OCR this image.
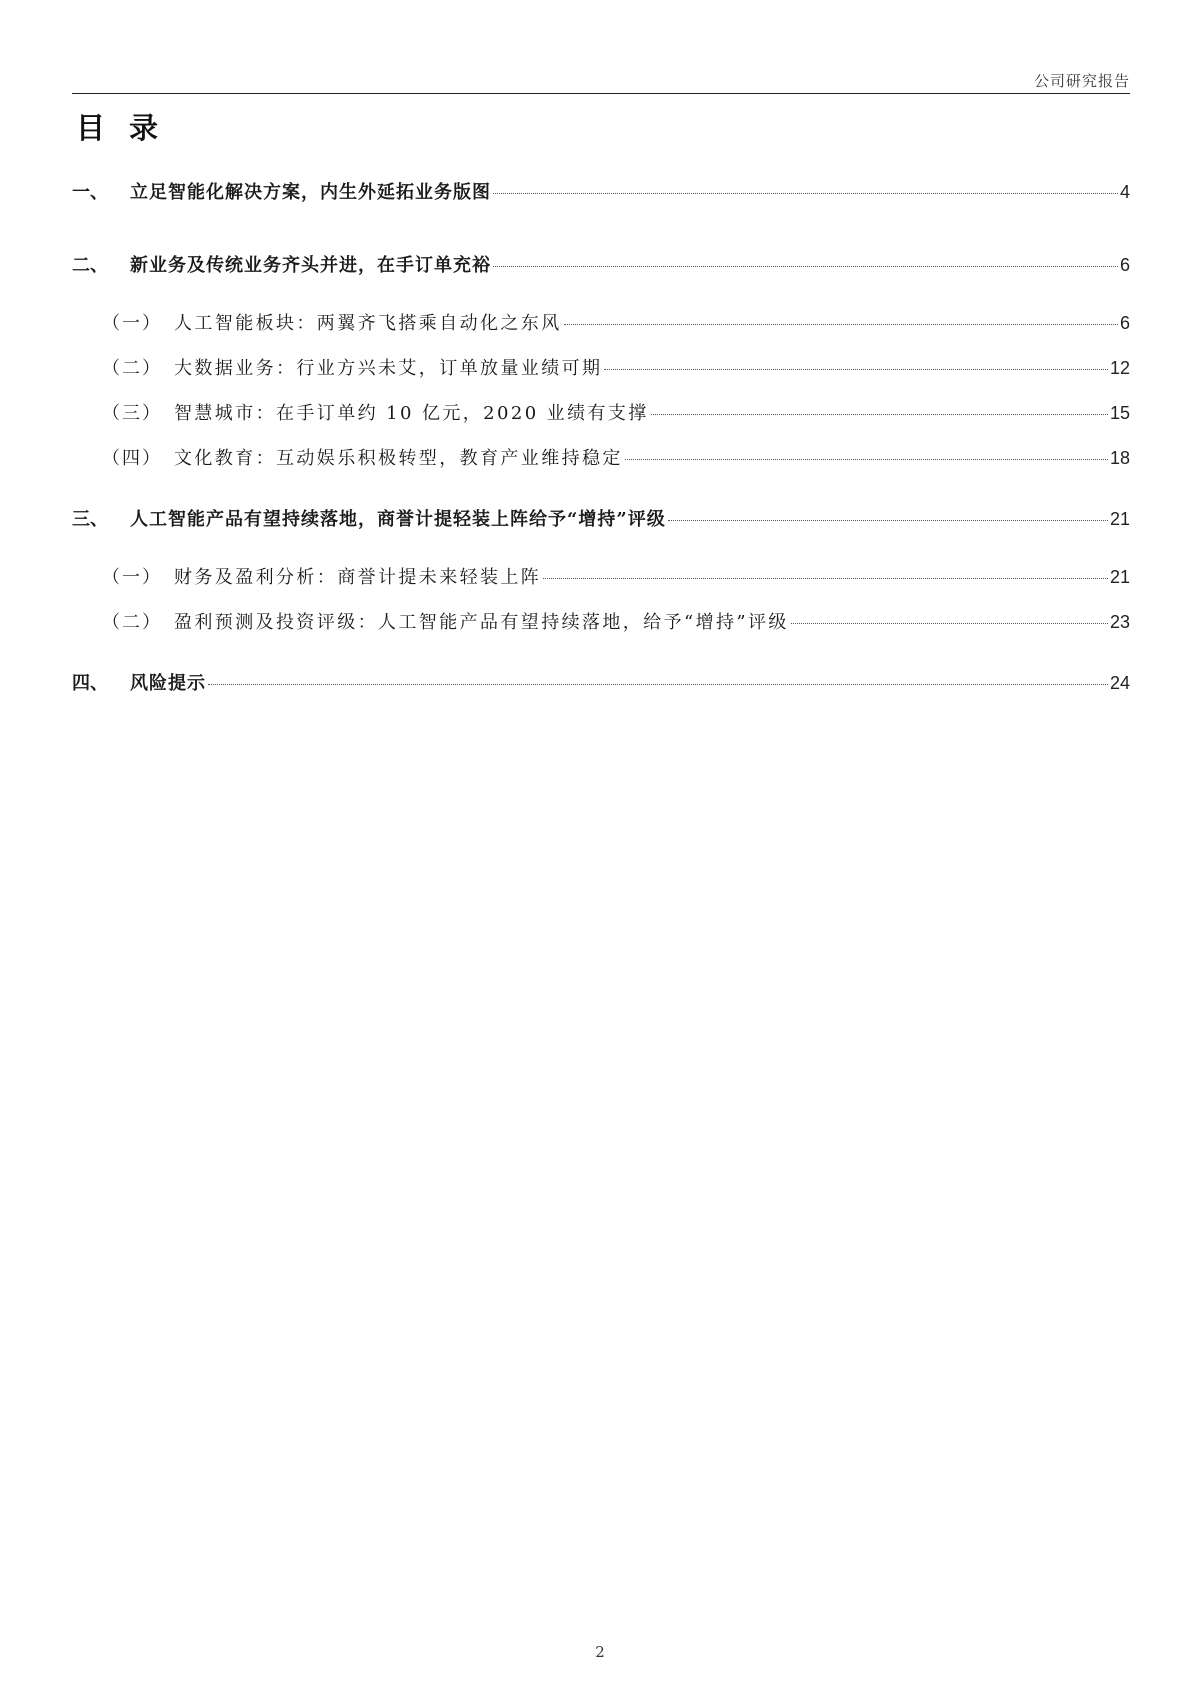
公司研究报告
目录
一、	立足智能化解决方案，内生外延拓业务版图	4
二、	新业务及传统业务齐头并进，在手订单充裕	6
（一） 人工智能板块：两翼齐飞搭乘自动化之东风	6
（二） 大数据业务：行业方兴未艾，订单放量业绩可期	12
（三） 智慧城市：在手订单约 10 亿元，2020 业绩有支撑	15
（四） 文化教育：互动娱乐积极转型，教育产业维持稳定	18
三、	人工智能产品有望持续落地，商誉计提轻装上阵给予“增持”评级	21
（一） 财务及盈利分析：商誉计提未来轻装上阵	21
（二） 盈利预测及投资评级：人工智能产品有望持续落地，给予“增持”评级	23
四、	风险提示	24
2
